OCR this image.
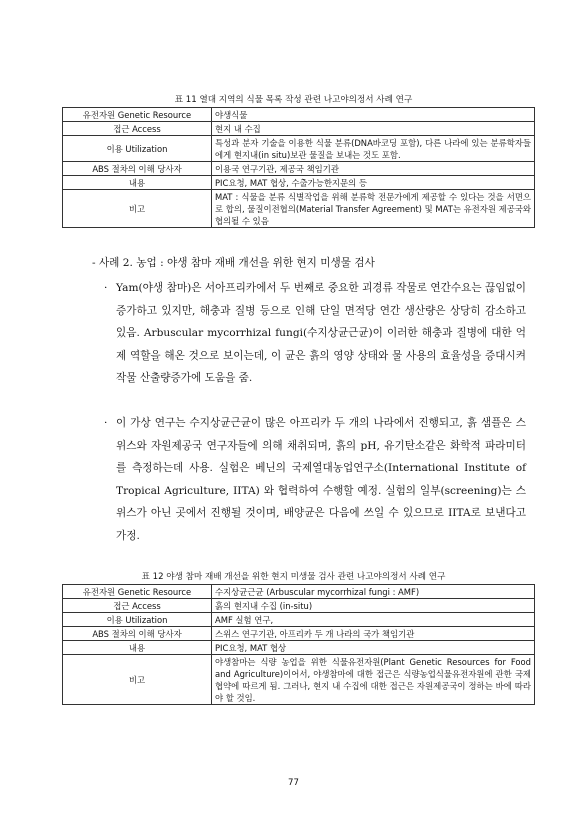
표 11 열대 지역의 식물 목록 작성 관련 나고야의정서 사례 연구
유전자원 Genetic Resource	야생식물
접근 Access	현지 내 수집
이용 Utilization	특성과 분자 기술을 이용한 식물 분류(DNA바코딩 포함), 다른 나라에 있는 분류학자들에게 현지내(in situ)보관 물질을 보내는 것도 포함.
ABS 절차의 이해 당사자	이용국 연구기관, 제공국 책임기관
내용	PIC요청, MAT 협상, 수출가능한지문의 등
비고	MAT : 식물을 분류 식별작업을 위해 분류학 전문가에게 제공할 수 있다는 것을 서면으로 합의, 물질이전협의(Material Transfer Agreement) 및 MAT는 유전자원 제공국와 협의될 수 있음
- 사례 2. 농업 : 야생 참마 재배 개선을 위한 현지 미생물 검사
· Yam(야생 참마)은 서아프리카에서 두 번째로 중요한 괴경류 작물로 연간수요는 끊임없이 증가하고 있지만, 해충과 질병 등으로 인해 단일 면적당 연간 생산량은 상당히 감소하고 있음. Arbuscular mycorrhizal fungi(수지상균근균)이 이러한 해충과 질병에 대한 억제 역할을 해온 것으로 보이는데, 이 균은 흙의 영양 상태와 물 사용의 효율성을 증대시켜 작물 산출량증가에 도움을 줌.
· 이 가상 연구는 수지상균근균이 많은 아프리카 두 개의 나라에서 진행되고, 흙 샘플은 스위스와 자원제공국 연구자들에 의해 채취되며, 흙의 pH, 유기탄소같은 화학적 파라미터를 측정하는데 사용. 실험은 베닌의 국제열대농업연구소(International Institute of Tropical Agriculture, IITA) 와 협력하여 수행할 예정. 실험의 일부(screening)는 스위스가 아닌 곳에서 진행될 것이며, 배양균은 다음에 쓰일 수 있으므로 IITA로 보낸다고 가정.
표 12 야생 참마 재배 개선을 위한 현지 미생물 검사 관련 나고야의정서 사례 연구
유전자원 Genetic Resource	수지상균근균 (Arbuscular mycorrhizal fungi : AMF)
접근 Access	흙의 현지내 수집 (in-situ)
이용 Utilization	AMF 실험 연구,
ABS 절차의 이해 당사자	스위스 연구기관, 아프리카 두 개 나라의 국가 책임기관
내용	PIC요청, MAT 협상
비고	야생참마는 식량 농업을 위한 식물유전자원(Plant Genetic Resources for Food and Agriculture)이어서, 야생참마에 대한 접근은 식량농업식물유전자원에 관한 국제협약에 따르게 됨. 그러나, 현지 내 수집에 대한 접근은 자원제공국이 정하는 바에 따라야 할 것임.
77
